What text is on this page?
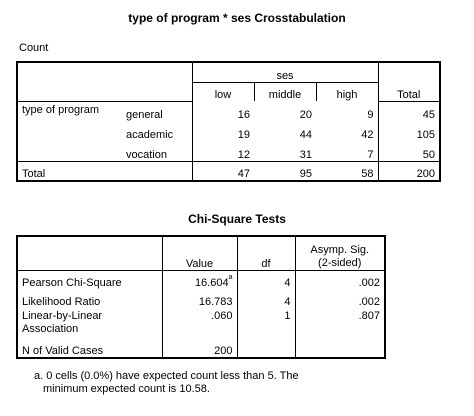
type of program * ses Crosstabulation
Count
		ses			Total
		low	middle	high	
type of program	general	16	20	9	45
	academic	19	44	42	105
	vocation	12	31	7	50
Total		47	95	58	200
Chi-Square Tests
	Value	df	Asymp. Sig.
(2-sided)

Pearson Chi-Square	16.604$^a$	4	.002
Likelihood Ratio	16.783	4	.002

Linear-by-Linear
Association	.060	1	.807
N of Valid Cases	200		
a. 0 cells (0.0%) have expected count less than 5. The
minimum expected count is 10.58.
